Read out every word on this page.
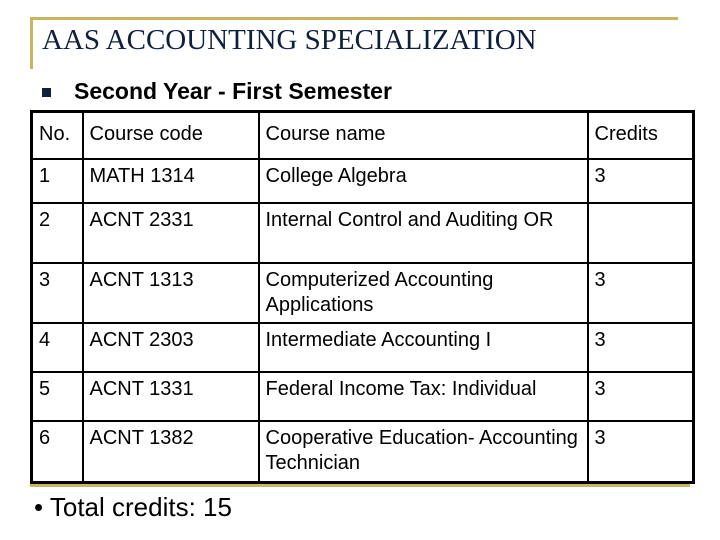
AAS ACCOUNTING SPECIALIZATION
Second Year - First Semester
No.	Course code	Course name	Credits
1	MATH 1314	College Algebra	3
2	ACNT 2331	Internal Control and Auditing OR	
3	ACNT 1313	Computerized Accounting Applications	3
4	ACNT 2303	Intermediate Accounting I	3
5	ACNT 1331	Federal Income Tax: Individual	3
6	ACNT 1382	Cooperative Education- Accounting Technician	3
• Total credits: 15
